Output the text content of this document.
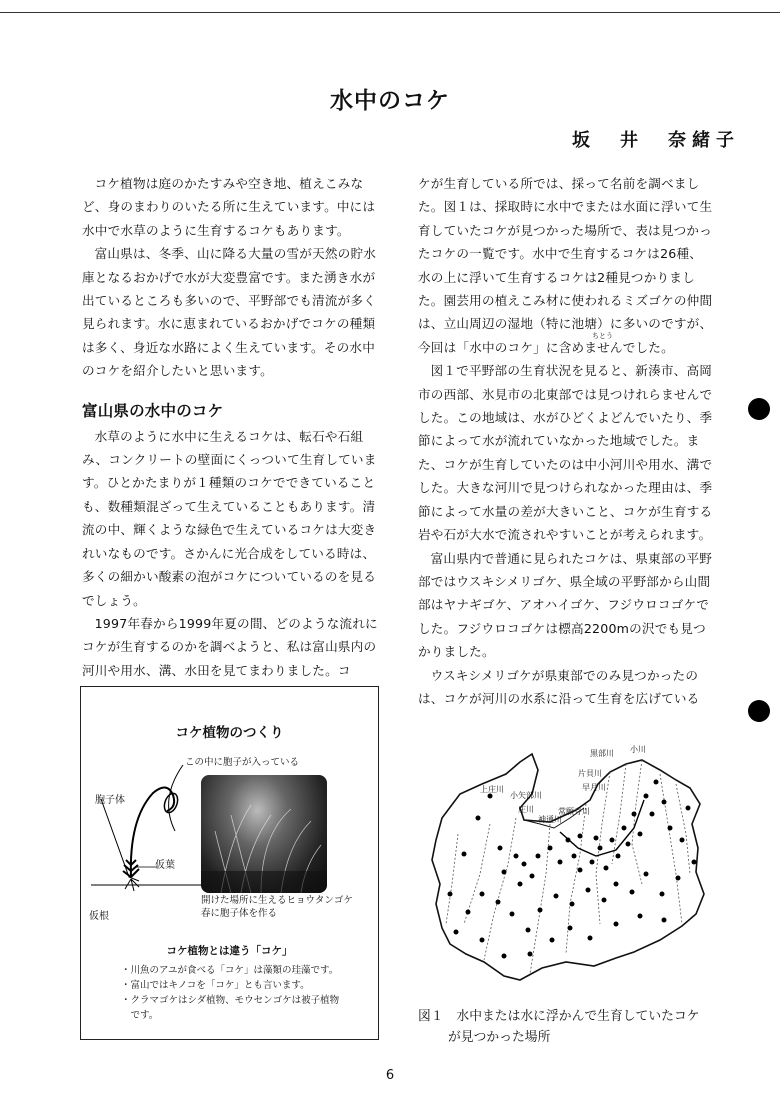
水中のコケ
坂　井　奈緒子

コケ植物は庭のかたすみや空き地、植えこみなど、身のまわりのいたる所に生えています。中には水中で水草のように生育するコケもあります。

富山県は、冬季、山に降る大量の雪が天然の貯水庫となるおかげで水が大変豊富です。また湧き水が出ているところも多いので、平野部でも清流が多く見られます。水に恵まれているおかげでコケの種類は多く、身近な水路によく生えています。その水中のコケを紹介したいと思います。

富山県の水中のコケ

水草のように水中に生えるコケは、転石や石組み、コンクリートの壁面にくっついて生育しています。ひとかたまりが１種類のコケでできていることも、数種類混ざって生えていることもあります。清流の中、輝くような緑色で生えているコケは大変きれいなものです。さかんに光合成をしている時は、多くの細かい酸素の泡がコケについているのを見るでしょう。

1997年春から1999年夏の間、どのような流れにコケが生育するのかを調べようと、私は富山県内の河川や用水、溝、水田を見てまわりました。コ

ケが生育している所では、採って名前を調べました。図１は、採取時に水中でまたは水面に浮いて生育していたコケが見つかった場所で、表は見つかったコケの一覧です。水中で生育するコケは26種、水の上に浮いて生育するコケは2種見つかりました。園芸用の植えこみ材に使われるミズゴケの仲間は、立山周辺の湿地（特に池塘）に多いのですが、今回は「水中のコケ」に含めませんでした。

図１で平野部の生育状況を見ると、新湊市、高岡市の西部、氷見市の北東部では見つけれらませんでした。この地域は、水がひどくよどんでいたり、季節によって水が流れていなかった地域でした。また、コケが生育していたのは中小河川や用水、溝でした。大きな河川で見つけられなかった理由は、季節によって水量の差が大きいこと、コケが生育する岩や石が大水で流されやすいことが考えられます。

富山県内で普通に見られたコケは、県東部の平野部ではウスキシメリゴケ、県全域の平野部から山間部はヤナギゴケ、アオハイゴケ、フジウロコゴケでした。フジウロコゴケは標高2200mの沢でも見つかりました。

ウスキシメリゴケが県東部でのみ見つかったのは、コケが河川の水系に沿って生育を広げている

ちとう
コケ植物のつくり
この中に胞子が入っている
胞子体
仮葉
仮根
開けた場所に生えるヒョウタンゴケ
春に胞子体を作る
コケ植物とは違う「コケ」
・川魚のアユが食べる「コケ」は藻類の珪藻です。
・富山ではキノコを「コケ」とも言います。
・クラマゴケはシダ植物、モウセンゴケは被子植物
　です。
小川
黒部川
片貝川
早月川
常願寺川
神通川
小矢部川
庄川
上庄川
図１　水中または水に浮かんで生育していたコケ
が見つかった場所
6
